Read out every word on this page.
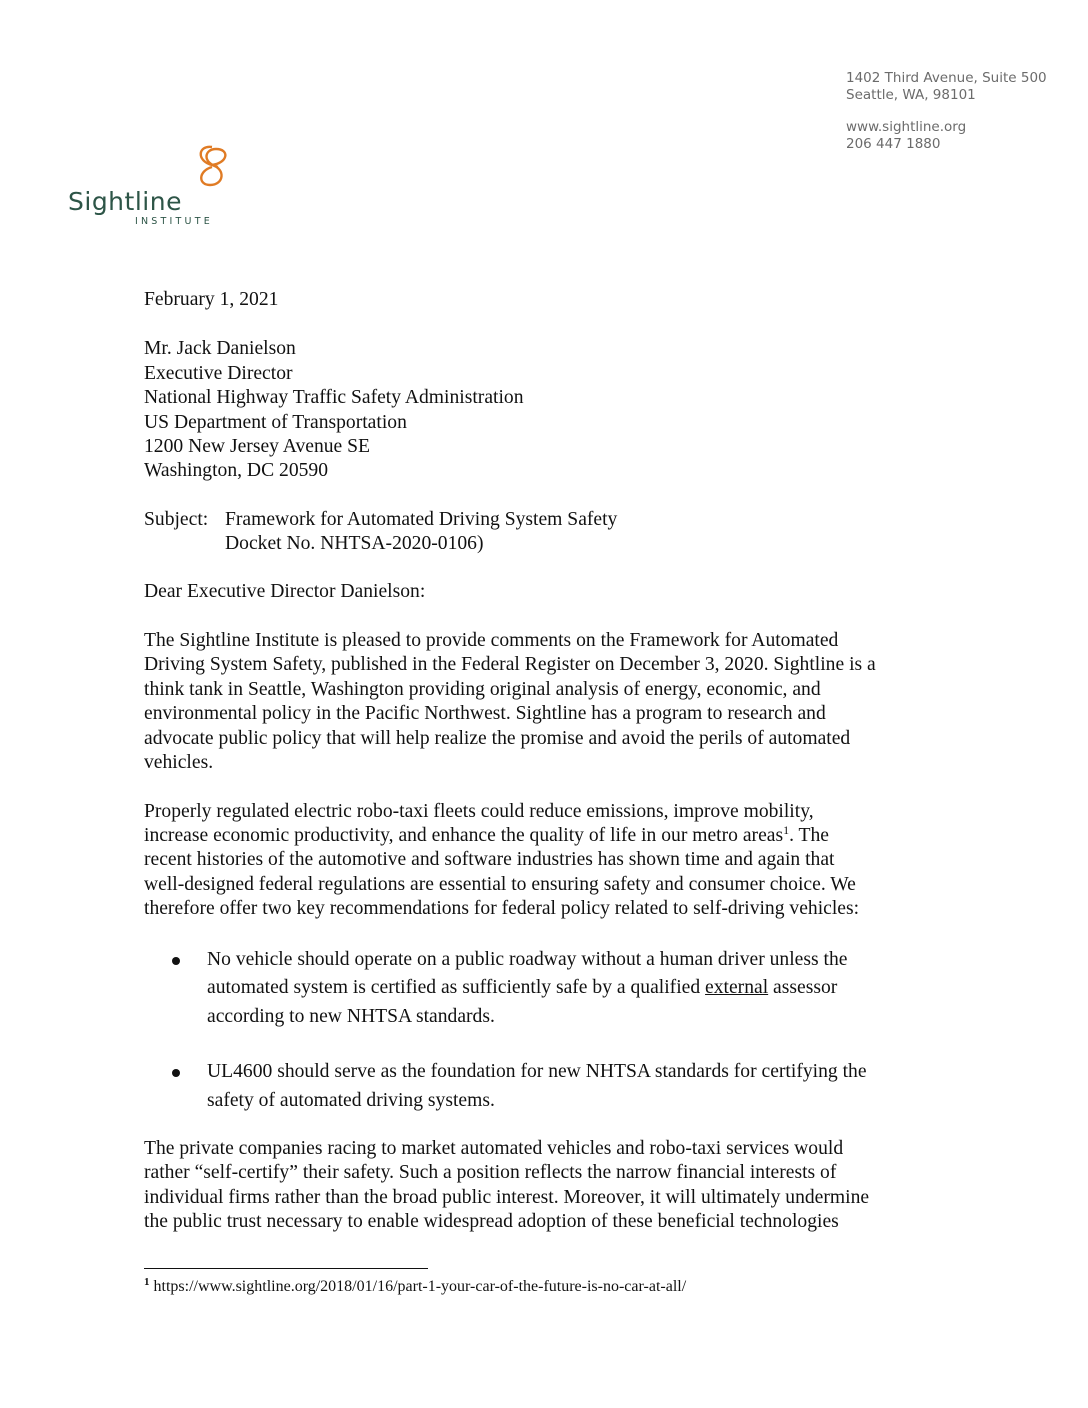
1402 Third Avenue, Suite 500
Seattle, WA, 98101
www.sightline.org
206 447 1880
Sightline
INSTITUTE

February 1, 2021

Mr. Jack Danielson
Executive Director
National Highway Traffic Safety Administration
US Department of Transportation
1200 New Jersey Avenue SE
Washington, DC 20590

Subject: Framework for Automated Driving System Safety
Docket No. NHTSA-2020-0106)

Dear Executive Director Danielson:

The Sightline Institute is pleased to provide comments on the Framework for Automated
Driving System Safety, published in the Federal Register on December 3, 2020. Sightline is a
think tank in Seattle, Washington providing original analysis of energy, economic, and
environmental policy in the Pacific Northwest. Sightline has a program to research and
advocate public policy that will help realize the promise and avoid the perils of automated
vehicles.

Properly regulated electric robo-taxi fleets could reduce emissions, improve mobility,
increase economic productivity, and enhance the quality of life in our metro areas$^1$. The
recent histories of the automotive and software industries has shown time and again that
well-designed federal regulations are essential to ensuring safety and consumer choice. We
therefore offer two key recommendations for federal policy related to self-driving vehicles:

No vehicle should operate on a public roadway without a human driver unless the
automated system is certified as sufficiently safe by a qualified external assessor
according to new NHTSA standards.
UL4600 should serve as the foundation for new NHTSA standards for certifying the
safety of automated driving systems.

The private companies racing to market automated vehicles and robo-taxi services would
rather “self-certify” their safety. Such a position reflects the narrow financial interests of
individual firms rather than the broad public interest. Moreover, it will ultimately undermine
the public trust necessary to enable widespread adoption of these beneficial technologies

$^1$ https://www.sightline.org/2018/01/16/part-1-your-car-of-the-future-is-no-car-at-all/
